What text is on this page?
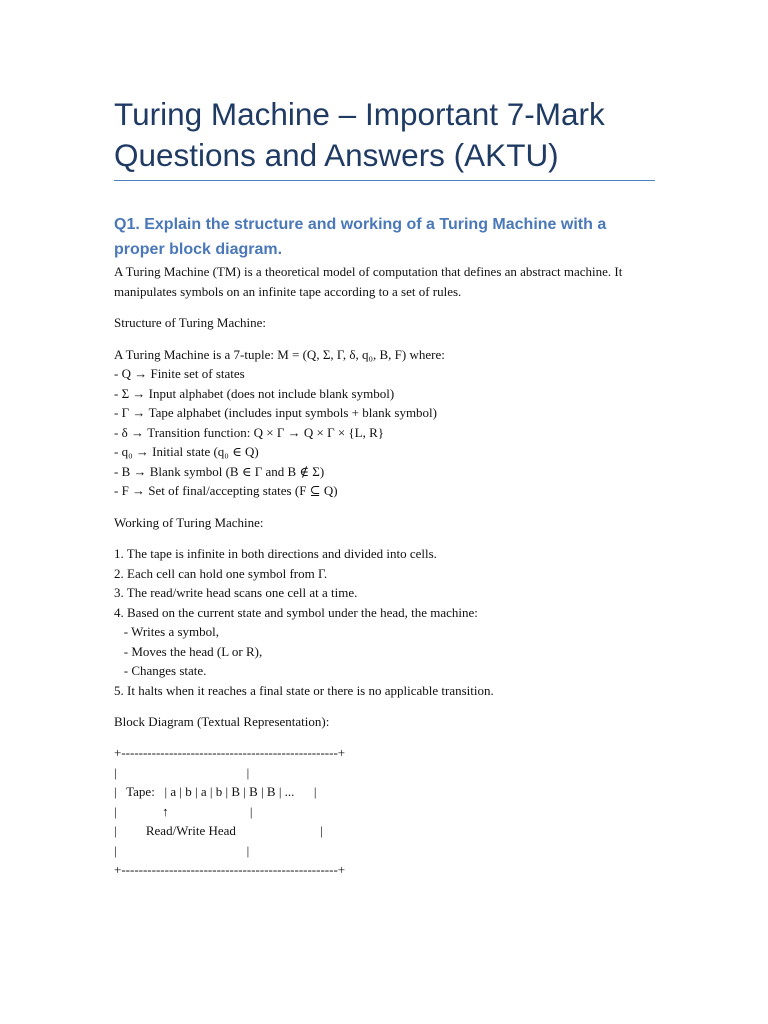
Turing Machine – Important 7-Mark Questions and Answers (AKTU)
Q1. Explain the structure and working of a Turing Machine with a proper block diagram.

A Turing Machine (TM) is a theoretical model of computation that defines an abstract machine. It manipulates symbols on an infinite tape according to a set of rules.

Structure of Turing Machine:

A Turing Machine is a 7-tuple: M = (Q, Σ, Γ, δ, q₀, B, F) where:

- Q → Finite set of states

- Σ → Input alphabet (does not include blank symbol)

- Γ → Tape alphabet (includes input symbols + blank symbol)

- δ → Transition function: Q × Γ → Q × Γ × {L, R}

- q₀ → Initial state (q₀ ∈ Q)

- B → Blank symbol (B ∈ Γ and B ∉ Σ)

- F → Set of final/accepting states (F ⊆ Q)

Working of Turing Machine:

1. The tape is infinite in both directions and divided into cells.

2. Each cell can hold one symbol from Γ.

3. The read/write head scans one cell at a time.

4. Based on the current state and symbol under the head, the machine:

- Writes a symbol,

- Moves the head (L or R),

- Changes state.

5. It halts when it reaches a final state or there is no applicable transition.

Block Diagram (Textual Representation):

+--------------------------------------------------+
|                                        |
|   Tape:   | a | b | a | b | B | B | B | ...      |
|              ↑                         |
|         Read/Write Head                          |
|                                        |
+--------------------------------------------------+
